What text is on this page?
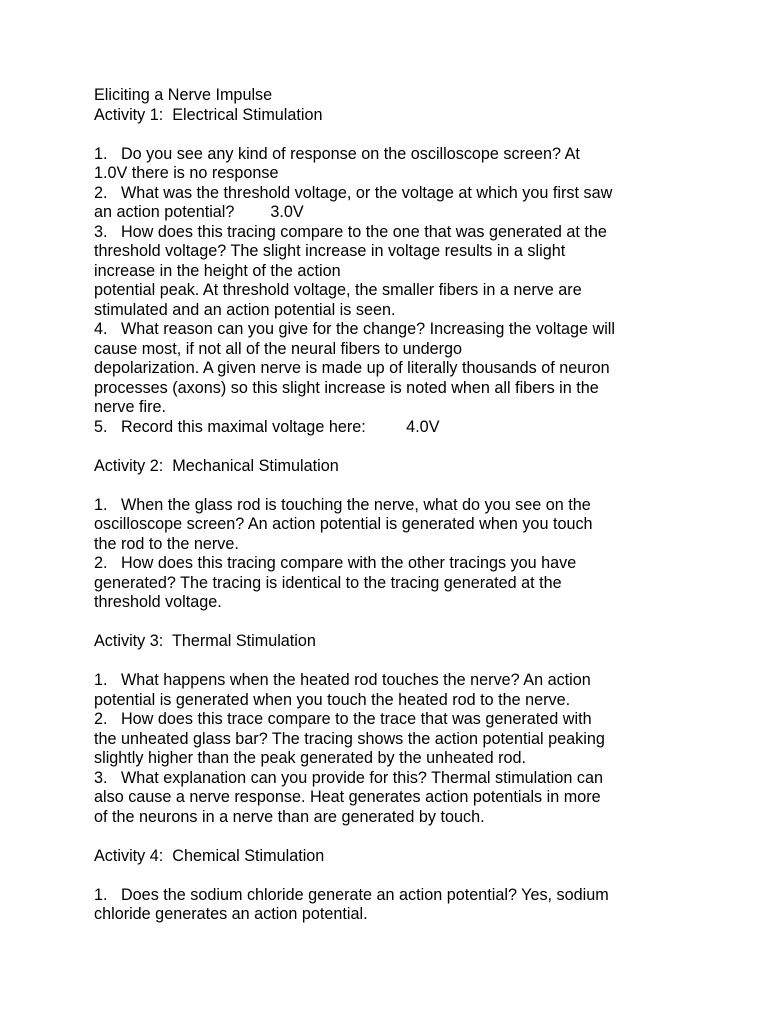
Eliciting a Nerve Impulse
Activity 1:  Electrical Stimulation
1.   Do you see any kind of response on the oscilloscope screen? At
1.0V there is no response
2.   What was the threshold voltage, or the voltage at which you first saw
an action potential?        3.0V
3.   How does this tracing compare to the one that was generated at the
threshold voltage? The slight increase in voltage results in a slight
increase in the height of the action
potential peak. At threshold voltage, the smaller fibers in a nerve are
stimulated and an action potential is seen.
4.   What reason can you give for the change? Increasing the voltage will
cause most, if not all of the neural fibers to undergo
depolarization. A given nerve is made up of literally thousands of neuron
processes (axons) so this slight increase is noted when all fibers in the
nerve fire.
5.   Record this maximal voltage here:         4.0V
Activity 2:  Mechanical Stimulation
1.   When the glass rod is touching the nerve, what do you see on the
oscilloscope screen? An action potential is generated when you touch
the rod to the nerve.
2.   How does this tracing compare with the other tracings you have
generated? The tracing is identical to the tracing generated at the
threshold voltage.
Activity 3:  Thermal Stimulation
1.   What happens when the heated rod touches the nerve? An action
potential is generated when you touch the heated rod to the nerve.
2.   How does this trace compare to the trace that was generated with
the unheated glass bar? The tracing shows the action potential peaking
slightly higher than the peak generated by the unheated rod.
3.   What explanation can you provide for this? Thermal stimulation can
also cause a nerve response. Heat generates action potentials in more
of the neurons in a nerve than are generated by touch.
Activity 4:  Chemical Stimulation
1.   Does the sodium chloride generate an action potential? Yes, sodium
chloride generates an action potential.
